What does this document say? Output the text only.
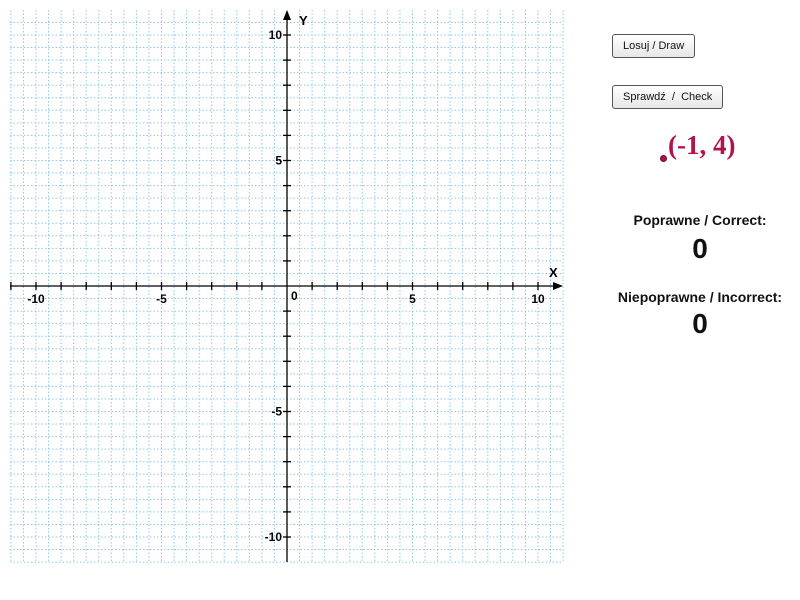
-10	-5	0	5	10
10
5
-5
-10
X
Y
Losuj / Draw
Sprawdź  /  Check
(-1, 4)
Poprawne / Correct:
0
Niepoprawne / Incorrect:
0
